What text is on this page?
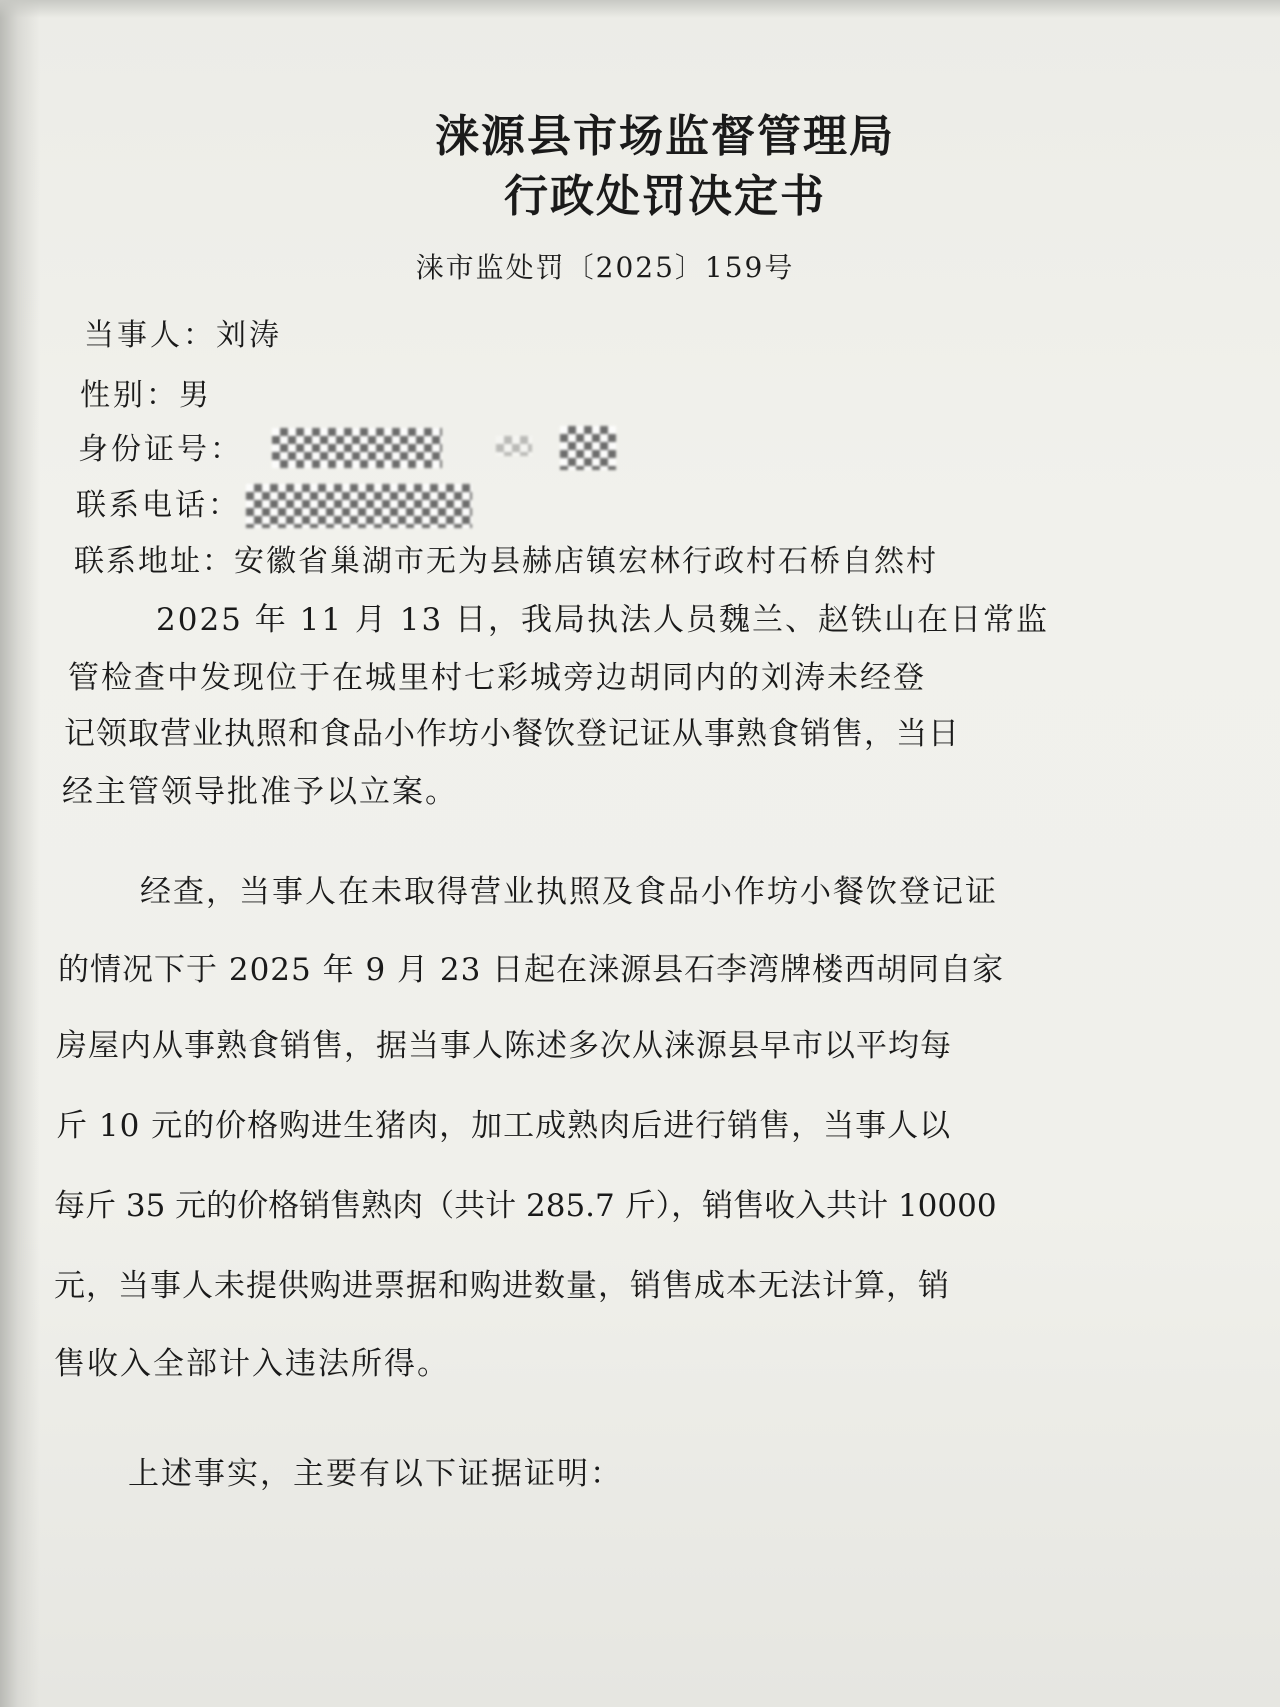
涞源县市场监督管理局
行政处罚决定书
涞市监处罚〔2025〕159号
当事人：刘涛
性别：男
身份证号：
联系电话：
联系地址：安徽省巢湖市无为县赫店镇宏林行政村石桥自然村
2025 年 11 月 13 日，我局执法人员魏兰、赵铁山在日常监
管检查中发现位于在城里村七彩城旁边胡同内的刘涛未经登
记领取营业执照和食品小作坊小餐饮登记证从事熟食销售，当日
经主管领导批准予以立案。
经查，当事人在未取得营业执照及食品小作坊小餐饮登记证
的情况下于 2025 年 9 月 23 日起在涞源县石李湾牌楼西胡同自家
房屋内从事熟食销售，据当事人陈述多次从涞源县早市以平均每
斤 10 元的价格购进生猪肉，加工成熟肉后进行销售，当事人以
每斤 35 元的价格销售熟肉（共计 285.7 斤），销售收入共计 10000
元，当事人未提供购进票据和购进数量，销售成本无法计算，销
售收入全部计入违法所得。
上述事实，主要有以下证据证明：
